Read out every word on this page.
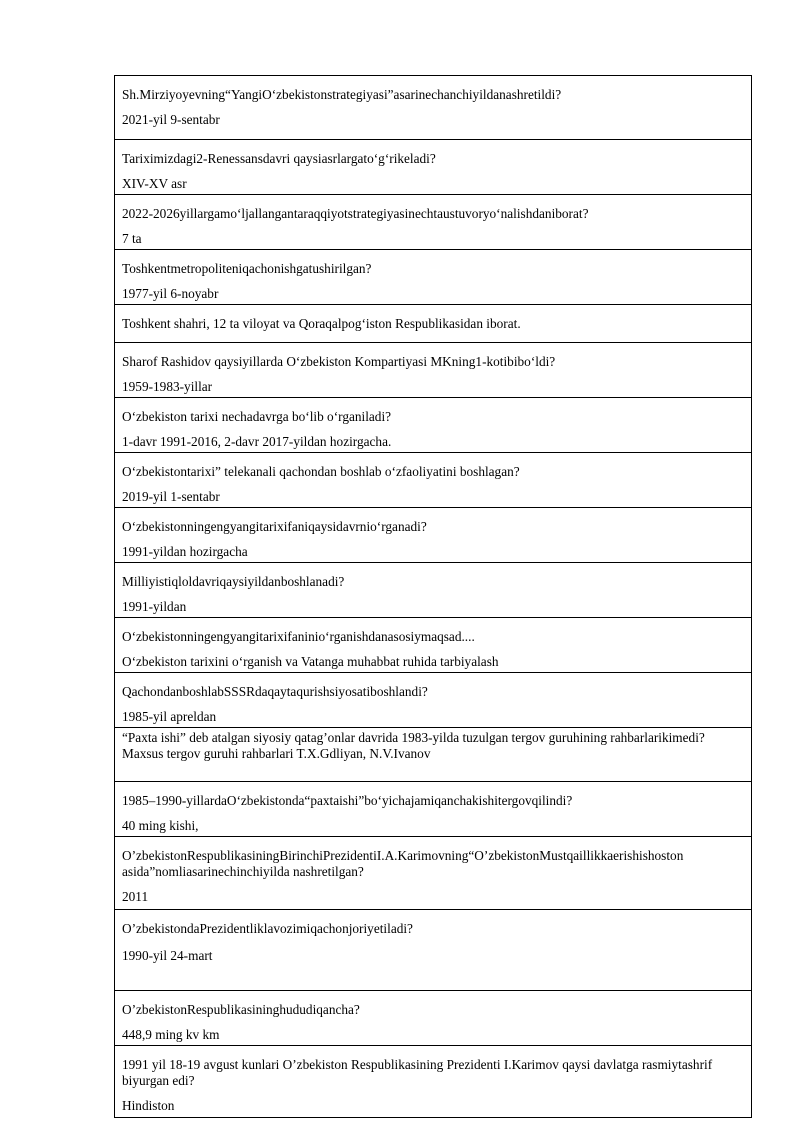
Sh.Mirziyoyevning“YangiO‘zbekistonstrategiyasi”asarinechanchiyildanashretildi?
2021-yil 9-sentabr

Tariximizdagi2-Renessansdavri qaysiasrlargato‘g‘rikeladi?
XIV-XV asr

2022-2026yillargamo‘ljallangantaraqqiyotstrategiyasinechtaustuvoryo‘nalishdaniborat?
7 ta

Toshkentmetropoliteniqachonishgatushirilgan?
1977-yil 6-noyabr

Toshkent shahri, 12 ta viloyat va Qoraqalpog‘iston Respublikasidan iborat.

Sharof Rashidov qaysiyillarda O‘zbekiston Kompartiyasi MKning1-kotibibo‘ldi?
1959-1983-yillar

O‘zbekiston tarixi nechadavrga bo‘lib o‘rganiladi?
1-davr 1991-2016, 2-davr 2017-yildan hozirgacha.

O‘zbekistontarixi” telekanali qachondan boshlab o‘zfaoliyatini boshlagan?
2019-yil 1-sentabr

O‘zbekistonningengyangitarixifaniqaysidavrnio‘rganadi?
1991-yildan hozirgacha

Milliyistiqloldavriqaysiyildanboshlanadi?
1991-yildan

O‘zbekistonningengyangitarixifaninio‘rganishdanasosiymaqsad....
O‘zbekiston tarixini o‘rganish va Vatanga muhabbat ruhida tarbiyalash

QachondanboshlabSSSRdaqaytaqurishsiyosatiboshlandi?
1985-yil apreldan

“Paxta ishi” deb atalgan siyosiy qatag’onlar davrida 1983-yilda tuzulgan tergov guruhining rahbarlarikimedi?
Maxsus tergov guruhi rahbarlari T.X.Gdliyan, N.V.Ivanov

1985–1990-yillardaO‘zbekistonda“paxtaishi”bo‘yichajamiqanchakishitergovqilindi?
40 ming kishi,

O’zbekistonRespublikasiningBirinchiPrezidentiI.A.Karimovning“O’zbekistonMustqaillikkaerishishoston asida”nomliasarinechinchiyilda nashretilgan?
2011

O’zbekistondaPrezidentliklavozimiqachonjoriyetiladi?
1990-yil 24-mart

O’zbekistonRespublikasininghududiqancha?
448,9 ming kv km

1991 yil 18-19 avgust kunlari O’zbekiston Respublikasining Prezidenti I.Karimov qaysi davlatga rasmiytashrif biyurgan edi?
Hindiston
